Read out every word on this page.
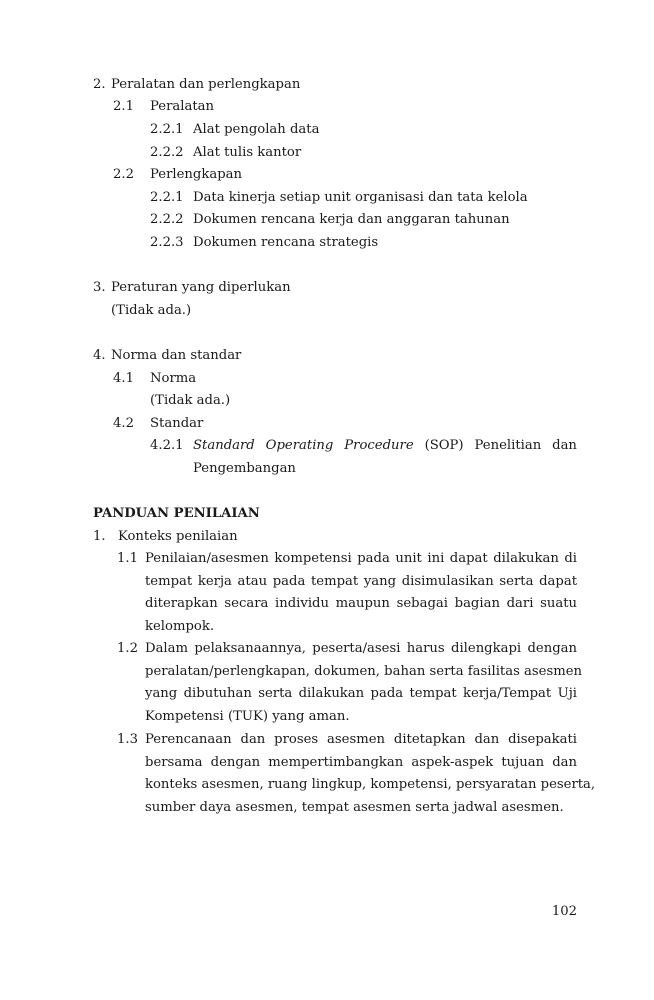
2. Peralatan dan perlengkapan
2.1 Peralatan
2.2.1 Alat pengolah data
2.2.2 Alat tulis kantor
2.2 Perlengkapan
2.2.1 Data kinerja setiap unit organisasi dan tata kelola
2.2.2 Dokumen rencana kerja dan anggaran tahunan
2.2.3 Dokumen rencana strategis
3. Peraturan yang diperlukan
(Tidak ada.)
4. Norma dan standar
4.1 Norma
(Tidak ada.)
4.2 Standar
4.2.1 Standard Operating Procedure (SOP) Penelitian dan
Pengembangan
PANDUAN PENILAIAN
1. Konteks penilaian
1.1 Penilaian/asesmen kompetensi pada unit ini dapat dilakukan di
tempat kerja atau pada tempat yang disimulasikan serta dapat
diterapkan secara individu maupun sebagai bagian dari suatu
kelompok.
1.2 Dalam pelaksanaannya, peserta/asesi harus dilengkapi dengan
peralatan/perlengkapan, dokumen, bahan serta fasilitas asesmen
yang dibutuhan serta dilakukan pada tempat kerja/Tempat Uji
Kompetensi (TUK) yang aman.
1.3 Perencanaan dan proses asesmen ditetapkan dan disepakati
bersama dengan mempertimbangkan aspek-aspek tujuan dan
konteks asesmen, ruang lingkup, kompetensi, persyaratan peserta,
sumber daya asesmen, tempat asesmen serta jadwal asesmen.
102
